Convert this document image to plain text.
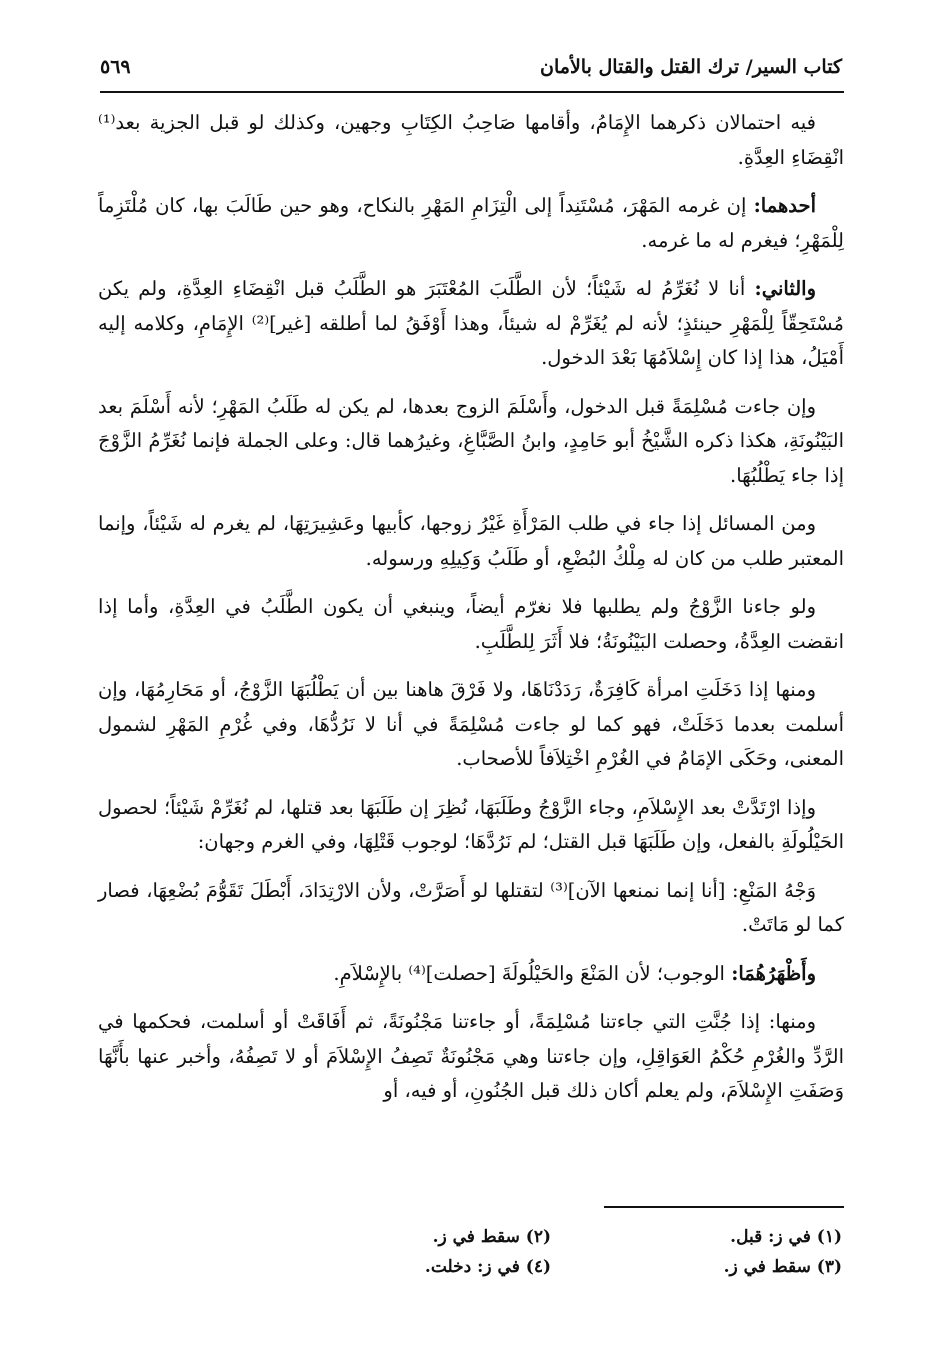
كتاب السير/ ترك القتل والقتال بالأمان
٥٦٩

فيه احتمالان ذكرهما الإِمَامُ، وأقامها صَاحِبُ الكِتَابِ وجهين، وكذلك لو قبل الجزية بعد⁽¹⁾ انْقِضَاءِ العِدَّةِ.

أحدهما: إن غرمه المَهْرَ، مُسْتَنِداً إلى الْتِزَامِ المَهْرِ بالنكاح، وهو حين طَالَبَ بها، كان مُلْتَزِماً لِلْمَهْرِ؛ فيغرم له ما غرمه.

والثاني: أنا لا نُغَرِّمُ له شَيْئاً؛ لأن الطَّلَبَ المُعْتَبَرَ هو الطَّلَبُ قبل انْقِضَاءِ العِدَّةِ، ولم يكن مُسْتَحِقّاً لِلْمَهْرِ حينئذٍ؛ لأنه لم يُغَرِّمْ له شيئاً، وهذا أَوْفَقُ لما أطلقه [غير]⁽²⁾ الإِمَامِ، وكلامه إليه أَمْيَلُ، هذا إذا كان إِسْلاَمُهَا بَعْدَ الدخول.

وإن جاءت مُسْلِمَةً قبل الدخول، وأَسْلَمَ الزوج بعدها، لم يكن له طَلَبُ المَهْرِ؛ لأنه أَسْلَمَ بعد البَيْنُونَةِ، هكذا ذكره الشَّيْخُ أبو حَامِدٍ، وابنُ الصَّبَّاغِ، وغيرُهما قال: وعلى الجملة فإنما نُغَرِّمُ الزَّوْجَ إذا جاء يَطْلُبُهَا.

ومن المسائل إذا جاء في طلب المَرْأَةِ غَيْرُ زوجها، كأبيها وعَشِيرَتِهَا، لم يغرم له شَيْئاً، وإنما المعتبر طلب من كان له مِلْكُ البُضْعِ، أو طَلَبُ وَكِيلِهِ ورسوله.

ولو جاءنا الزَّوْجُ ولم يطلبها فلا نغرّم أيضاً، وينبغي أن يكون الطَّلَبُ في العِدَّةِ، وأما إذا انقضت العِدَّةُ، وحصلت البَيْنُونَةُ؛ فلا أَثَرَ لِلطَّلَبِ.

ومنها إذا دَخَلَتِ امرأة كَافِرَةٌ، رَدَدْنَاهَا، ولا فَرْقَ هاهنا بين أن يَطْلُبَهَا الزَّوْجُ، أو مَحَارِمُهَا، وإن أسلمت بعدما دَخَلَتْ، فهو كما لو جاءت مُسْلِمَةً في أنا لا نَرُدُّهَا، وفي غُرْمِ المَهْرِ لشمول المعنى، وحَكَى الإمَامُ في الغُرْمِ اخْتِلاَفاً للأصحاب.

وإذا ارْتَدَّتْ بعد الإِسْلاَمِ، وجاء الزَّوْجُ وطَلَبَهَا، نُظِرَ إن طَلَبَهَا بعد قتلها، لم نُغَرِّمْ شَيْئاً؛ لحصول الحَيْلُولَةِ بالفعل، وإن طَلَبَهَا قبل القتل؛ لم نَرُدَّهَا؛ لوجوب قَتْلِهَا، وفي الغرم وجهان:

وَجْهُ المَنْعِ: [أنا إنما نمنعها الآن]⁽³⁾ لتقتلها لو أَصَرَّتْ، ولأن الارْتِدَادَ، أَبْطَلَ تَقَوُّمَ بُضْعِهَا، فصار كما لو مَاتَتْ.

وأَظْهَرُهُمَا: الوجوب؛ لأن المَنْعَ والحَيْلُولَةَ [حصلت]⁽⁴⁾ بالإِسْلاَمِ.

ومنها: إذا جُنَّتِ التي جاءتنا مُسْلِمَةً، أو جاءتنا مَجْنُونَةً، ثم أَفَاقَتْ أو أسلمت، فحكمها في الرَّدِّ والغُرْمِ حُكْمُ العَوَاقِلِ، وإن جاءتنا وهي مَجْنُونَةٌ تَصِفُ الإِسْلاَمَ أو لا تَصِفُهُ، وأخبر عنها بأَنَّهَا وَصَفَتِ الإِسْلاَمَ، ولم يعلم أكان ذلك قبل الجُنُونِ، أو فيه، أو

(١) في ز: قبل.
(٢) سقط في ز.
(٣) سقط في ز.
(٤) في ز: دخلت.
